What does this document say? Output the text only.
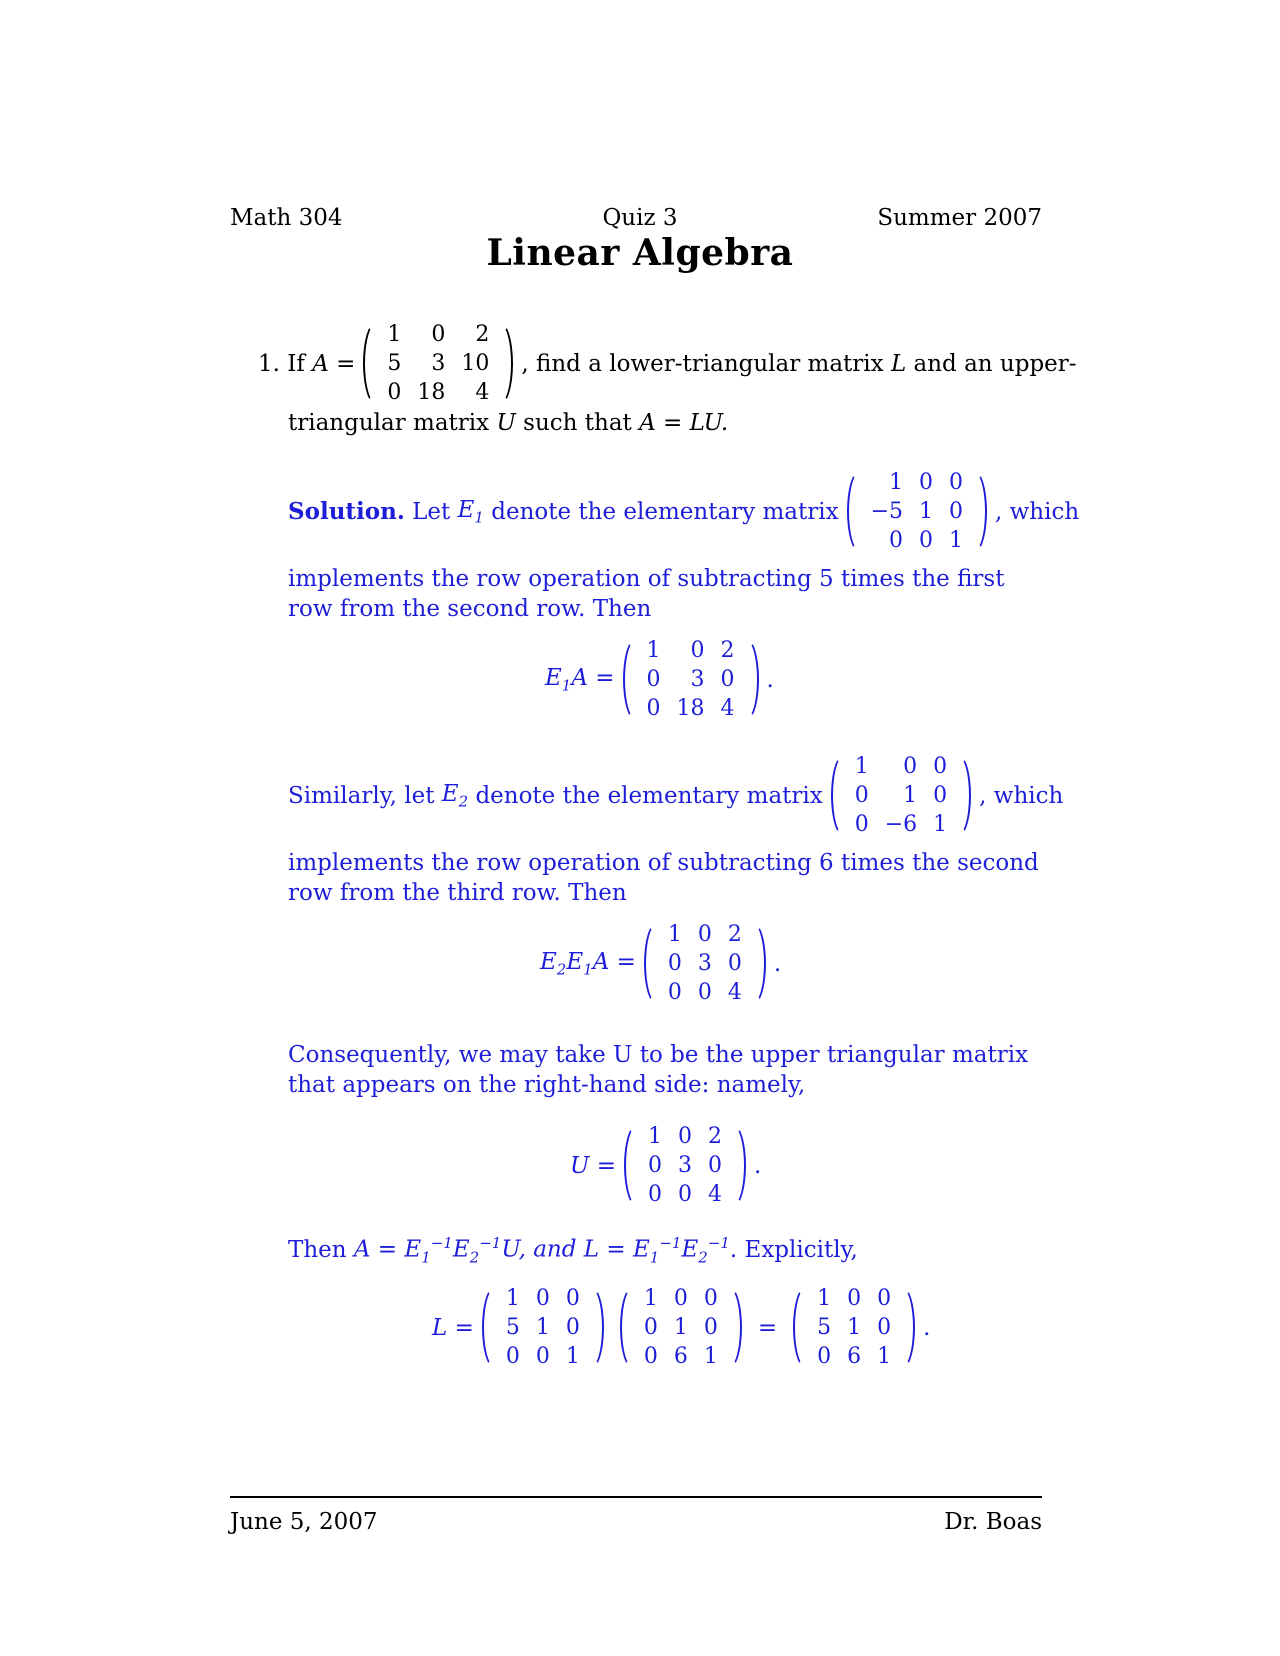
Math 304	Quiz 3	Summer 2007
Linear Algebra
1.
If
A
=
1	0	2
5	3 10
0 18	4
, find a lower-triangular matrix
L
and an upper-
triangular matrix
U
such that
A = LU.
Solution.
Let
$E_1$
denote the elementary matrix
1 0 0
−5 1 0
0 0 1
, which
implements the row operation of subtracting 5 times the first row from the second row. Then
$E_1A$ =
1	0 2
0	3 0
0 18 4
.
Similarly, let
$E_2$
denote the elementary matrix
1	0 0
0	1 0
0 −6 1
, which
implements the row operation of subtracting 6 times the second row from the third row. Then
$E_2E_1A$ =
1 0 2
0 3 0
0 0 4
.
Consequently, we may take U to be the upper triangular matrix that appears on the right-hand side: namely,
U =
1 0 2
0 3 0
0 0 4
.
Then
$A = E_1^{-1}E_2^{-1}U$, and
$L = E_1^{-1}E_2^{-1}$ . Explicitly,
L =
1 0 0
5 1 0
0 0 1
1 0 0
0 1 0
0 6 1
=
1 0 0
5 1 0
0 6 1
.
June 5, 2007	Dr. Boas
